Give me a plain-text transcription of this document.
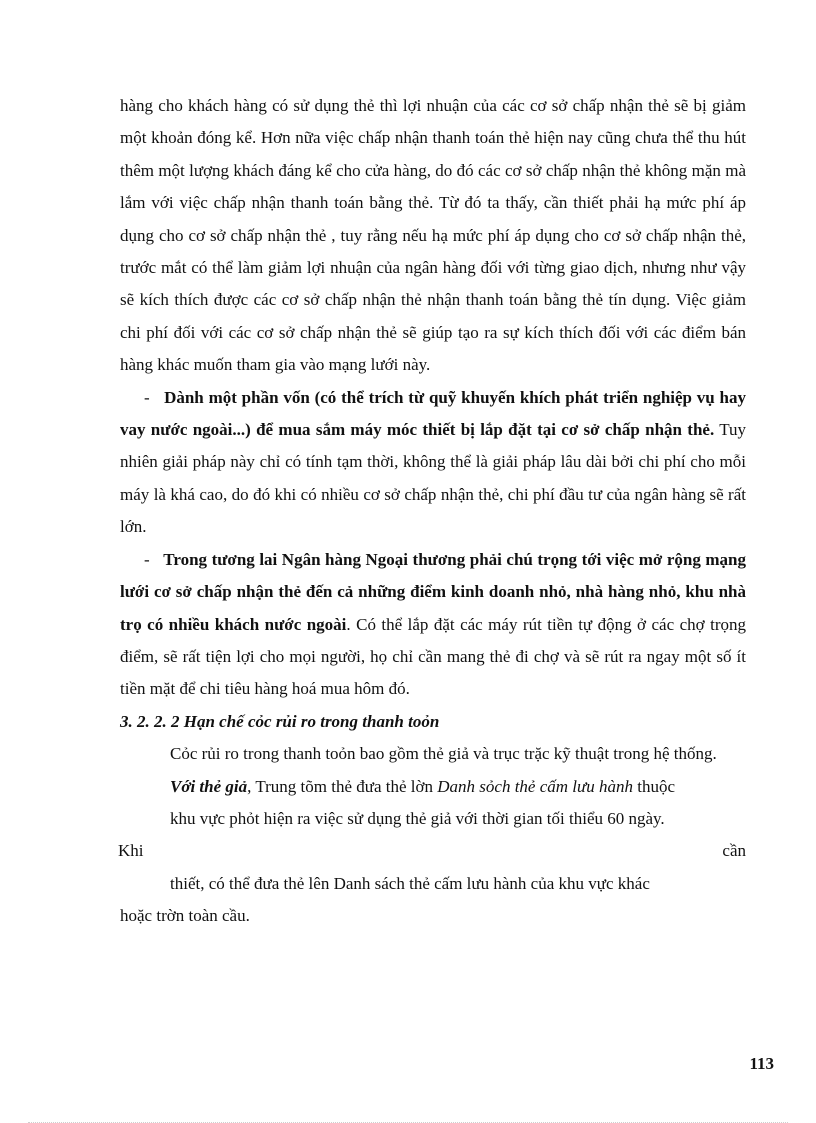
hàng cho khách hàng có sử dụng thẻ thì lợi nhuận của các cơ sở chấp nhận thẻ sẽ bị giảm một khoản đóng kể. Hơn nữa việc chấp nhận thanh toán thẻ hiện nay cũng chưa thể thu hút thêm một lượng khách đáng kể cho cửa hàng, do đó các cơ sở chấp nhận thẻ không mặn mà lắm với việc chấp nhận thanh toán bằng thẻ. Từ đó ta thấy, cần thiết phải hạ mức phí áp dụng cho cơ sở chấp nhận thẻ , tuy rằng nếu hạ mức phí áp dụng cho cơ sở chấp nhận thẻ, trước mắt có thể làm giảm lợi nhuận của ngân hàng đối với từng giao dịch, nhưng như vậy sẽ kích thích được các cơ sở chấp nhận thẻ nhận thanh toán bằng thẻ tín dụng. Việc giảm chi phí đối với các cơ sở chấp nhận thẻ sẽ giúp tạo ra sự kích thích đối với các điểm bán hàng khác muốn tham gia vào mạng lưới này.

- Dành một phần vốn (có thể trích từ quỹ khuyến khích phát triển nghiệp vụ hay vay nước ngoài...) để mua sắm máy móc thiết bị lắp đặt tại cơ sở chấp nhận thẻ. Tuy nhiên giải pháp này chỉ có tính tạm thời, không thể là giải pháp lâu dài bởi chi phí cho mỗi máy là khá cao, do đó khi có nhiều cơ sở chấp nhận thẻ, chi phí đầu tư của ngân hàng sẽ rất lớn.

- Trong tương lai Ngân hàng Ngoại thương phải chú trọng tới việc mở rộng mạng lưới cơ sở chấp nhận thẻ đến cả những điểm kinh doanh nhỏ, nhà hàng nhỏ, khu nhà trọ có nhiều khách nước ngoài. Có thể lắp đặt các máy rút tiền tự động ở các chợ trọng điểm, sẽ rất tiện lợi cho mọi người, họ chỉ cần mang thẻ đi chợ và sẽ rút ra ngay một số ít tiền mặt để chi tiêu hàng hoá mua hôm đó.

3. 2. 2. 2 Hạn chế cỏc rủi ro trong thanh toỏn

Cỏc rủi ro trong thanh toỏn bao gồm thẻ giả và trục trặc kỹ thuật trong hệ thống.

Với thẻ giả, Trung tõm thẻ đưa thẻ lờn Danh sỏch thẻ cấm lưu hành thuộc

khu vực phỏt hiện ra việc sử dụng thẻ giả với thời gian tối thiểu 60 ngày.

Khi	cần

thiết, có thể đưa thẻ lên Danh sách thẻ cấm lưu hành của khu vực khác

hoặc trờn toàn cầu.

113
